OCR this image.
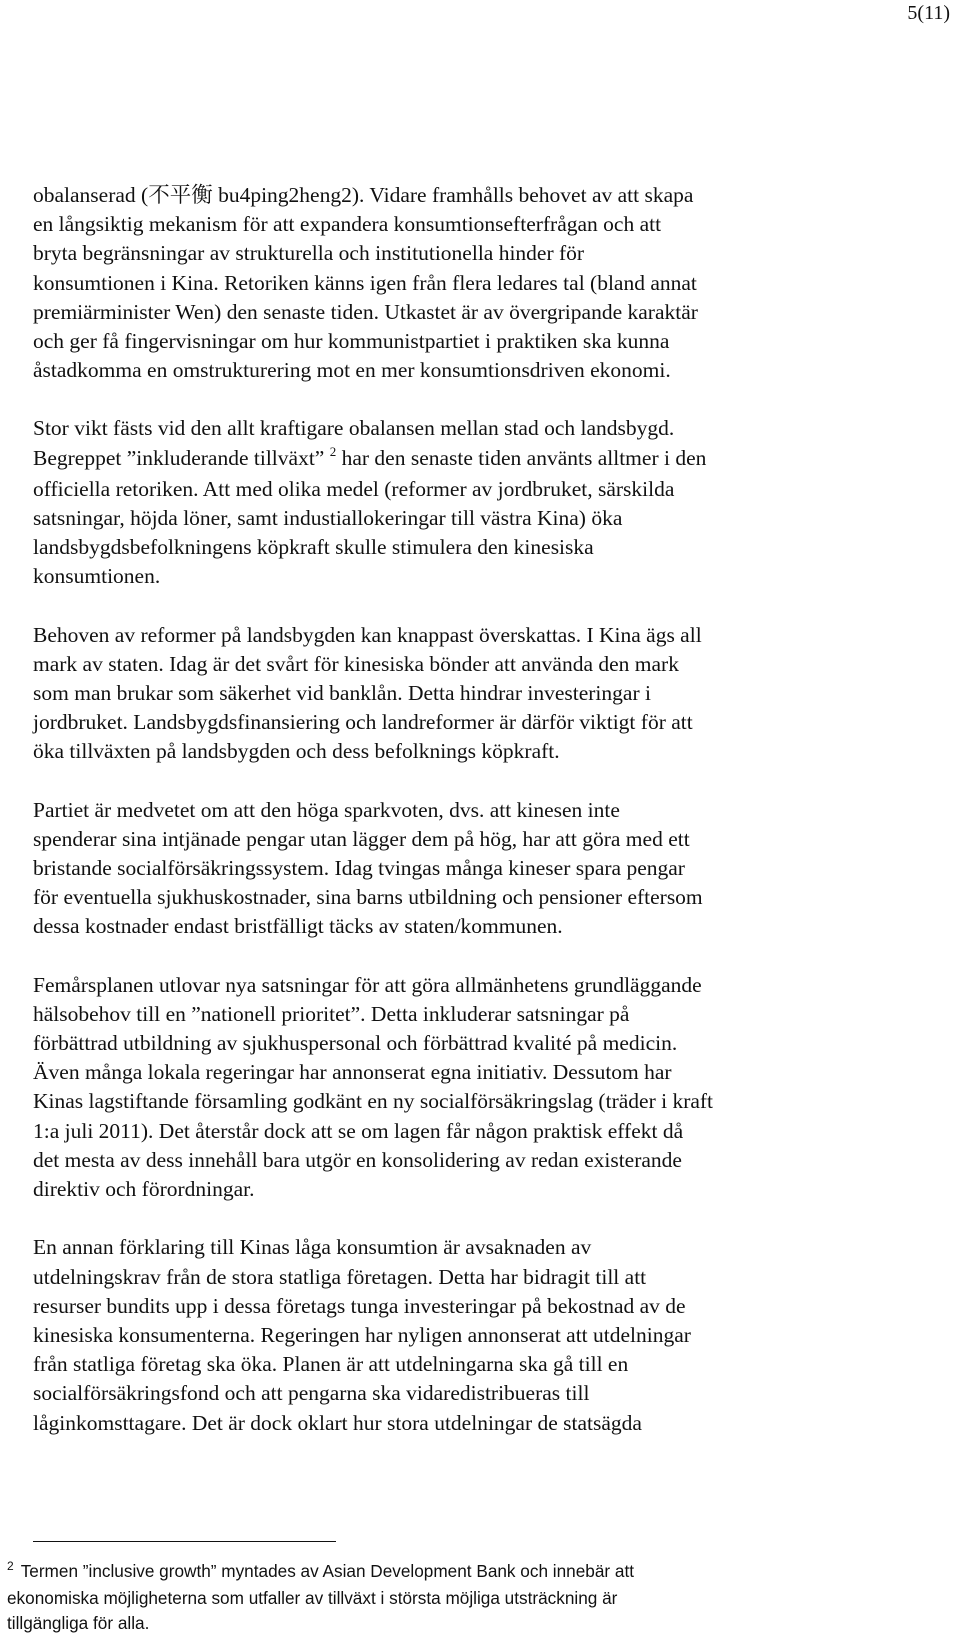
5(11)
obalanserad (不平衡 bu4ping2heng2). Vidare framhålls behovet av att skapa
en långsiktig mekanism för att expandera konsumtionsefterfrågan och att
bryta begränsningar av strukturella och institutionella hinder för
konsumtionen i Kina. Retoriken känns igen från flera ledares tal (bland annat
premiärminister Wen) den senaste tiden. Utkastet är av övergripande karaktär
och ger få fingervisningar om hur kommunistpartiet i praktiken ska kunna
åstadkomma en omstrukturering mot en mer konsumtionsdriven ekonomi.
Stor vikt fästs vid den allt kraftigare obalansen mellan stad och landsbygd.
Begreppet ”inkluderande tillväxt” $^2$ har den senaste tiden använts alltmer i den
officiella retoriken. Att med olika medel (reformer av jordbruket, särskilda
satsningar, höjda löner, samt industiallokeringar till västra Kina) öka
landsbygdsbefolkningens köpkraft skulle stimulera den kinesiska
konsumtionen.
Behoven av reformer på landsbygden kan knappast överskattas. I Kina ägs all
mark av staten. Idag är det svårt för kinesiska bönder att använda den mark
som man brukar som säkerhet vid banklån. Detta hindrar investeringar i
jordbruket. Landsbygdsfinansiering och landreformer är därför viktigt för att
öka tillväxten på landsbygden och dess befolknings köpkraft.
Partiet är medvetet om att den höga sparkvoten, dvs. att kinesen inte
spenderar sina intjänade pengar utan lägger dem på hög, har att göra med ett
bristande socialförsäkringssystem. Idag tvingas många kineser spara pengar
för eventuella sjukhuskostnader, sina barns utbildning och pensioner eftersom
dessa kostnader endast bristfälligt täcks av staten/kommunen.
Femårsplanen utlovar nya satsningar för att göra allmänhetens grundläggande
hälsobehov till en ”nationell prioritet”. Detta inkluderar satsningar på
förbättrad utbildning av sjukhuspersonal och förbättrad kvalité på medicin.
Även många lokala regeringar har annonserat egna initiativ. Dessutom har
Kinas lagstiftande församling godkänt en ny socialförsäkringslag (träder i kraft
1:a juli 2011). Det återstår dock att se om lagen får någon praktisk effekt då
det mesta av dess innehåll bara utgör en konsolidering av redan existerande
direktiv och förordningar.
En annan förklaring till Kinas låga konsumtion är avsaknaden av
utdelningskrav från de stora statliga företagen. Detta har bidragit till att
resurser bundits upp i dessa företags tunga investeringar på bekostnad av de
kinesiska konsumenterna. Regeringen har nyligen annonserat att utdelningar
från statliga företag ska öka. Planen är att utdelningarna ska gå till en
socialförsäkringsfond och att pengarna ska vidaredistribueras till
låginkomsttagare. Det är dock oklart hur stora utdelningar de statsägda
$^2$ Termen ”inclusive growth” myntades av Asian Development Bank och innebär att
ekonomiska möjligheterna som utfaller av tillväxt i största möjliga utsträckning är
tillgängliga för alla.
